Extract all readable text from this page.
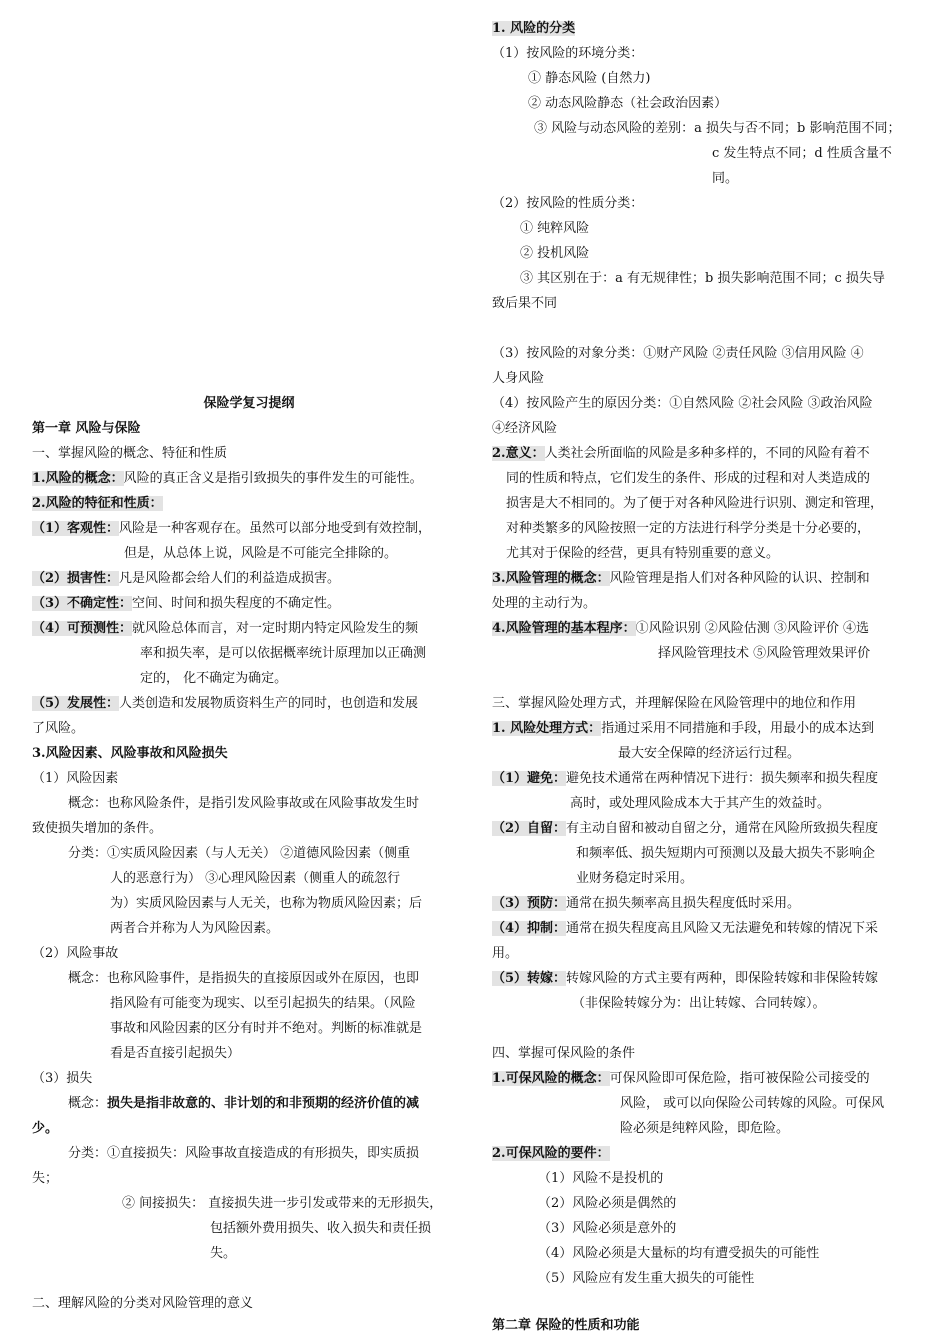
保险学复习提纲
第一章 风险与保险
一、掌握风险的概念、特征和性质
1.风险的概念：风险的真正含义是指引致损失的事件发生的可能性。
2.风险的特征和性质：
（1）客观性：风险是一种客观存在。虽然可以部分地受到有效控制，
但是，从总体上说，风险是不可能完全排除的。
（2）损害性：凡是风险都会给人们的利益造成损害。
（3）不确定性：空间、时间和损失程度的不确定性。
（4）可预测性：就风险总体而言，对一定时期内特定风险发生的频
率和损失率，是可以依据概率统计原理加以正确测
定的， 化不确定为确定。
（5）发展性：人类创造和发展物质资料生产的同时，也创造和发展
了风险。
3.风险因素、风险事故和风险损失
（1）风险因素
概念：也称风险条件，是指引发风险事故或在风险事故发生时
致使损失增加的条件。
分类：①实质风险因素（与人无关） ②道德风险因素（侧重
人的恶意行为） ③心理风险因素（侧重人的疏忽行
为）实质风险因素与人无关，也称为物质风险因素；后
两者合并称为人为风险因素。
（2）风险事故
概念：也称风险事件，是指损失的直接原因或外在原因，也即
指风险有可能变为现实、以至引起损失的结果。（风险
事故和风险因素的区分有时并不绝对。判断的标准就是
看是否直接引起损失）
（3）损失
概念：损失是指非故意的、非计划的和非预期的经济价值的减
少。
分类：①直接损失：风险事故直接造成的有形损失，即实质损
失；
② 间接损失： 直接损失进一步引发或带来的无形损失，
包括额外费用损失、收入损失和责任损
失。
二、理解风险的分类对风险管理的意义
1. 风险的分类
（1）按风险的环境分类：
① 静态风险 (自然力)
② 动态风险静态（社会政治因素）
③ 风险与动态风险的差别：a 损失与否不同；b 影响范围不同；
c 发生特点不同；d 性质含量不
同。
（2）按风险的性质分类：
① 纯粹风险
② 投机风险
③ 其区别在于：a 有无规律性；b 损失影响范围不同；c 损失导
致后果不同
（3）按风险的对象分类：①财产风险 ②责任风险 ③信用风险 ④
人身风险
（4）按风险产生的原因分类：①自然风险 ②社会风险 ③政治风险
④经济风险
2.意义：人类社会所面临的风险是多种多样的，不同的风险有着不
同的性质和特点，它们发生的条件、形成的过程和对人类造成的
损害是大不相同的。为了便于对各种风险进行识别、测定和管理，
对种类繁多的风险按照一定的方法进行科学分类是十分必要的，
尤其对于保险的经营，更具有特别重要的意义。
3.风险管理的概念：风险管理是指人们对各种风险的认识、控制和
处理的主动行为。
4.风险管理的基本程序：①风险识别 ②风险估测 ③风险评价 ④选
择风险管理技术 ⑤风险管理效果评价
三、掌握风险处理方式，并理解保险在风险管理中的地位和作用
1. 风险处理方式：指通过采用不同措施和手段，用最小的成本达到
最大安全保障的经济运行过程。
（1）避免：避免技术通常在两种情况下进行：损失频率和损失程度
高时，或处理风险成本大于其产生的效益时。
（2）自留：有主动自留和被动自留之分，通常在风险所致损失程度
和频率低、损失短期内可预测以及最大损失不影响企
业财务稳定时采用。
（3）预防：通常在损失频率高且损失程度低时采用。
（4）抑制：通常在损失程度高且风险又无法避免和转嫁的情况下采
用。
（5）转嫁：转嫁风险的方式主要有两种，即保险转嫁和非保险转嫁
（非保险转嫁分为：出让转嫁、合同转嫁）。
四、掌握可保风险的条件
1.可保风险的概念：可保风险即可保危险，指可被保险公司接受的
风险， 或可以向保险公司转嫁的风险。可保风
险必须是纯粹风险，即危险。
2.可保风险的要件：
（1）风险不是投机的
（2）风险必须是偶然的
（3）风险必须是意外的
（4）风险必须是大量标的均有遭受损失的可能性
（5）风险应有发生重大损失的可能性
第二章 保险的性质和功能
